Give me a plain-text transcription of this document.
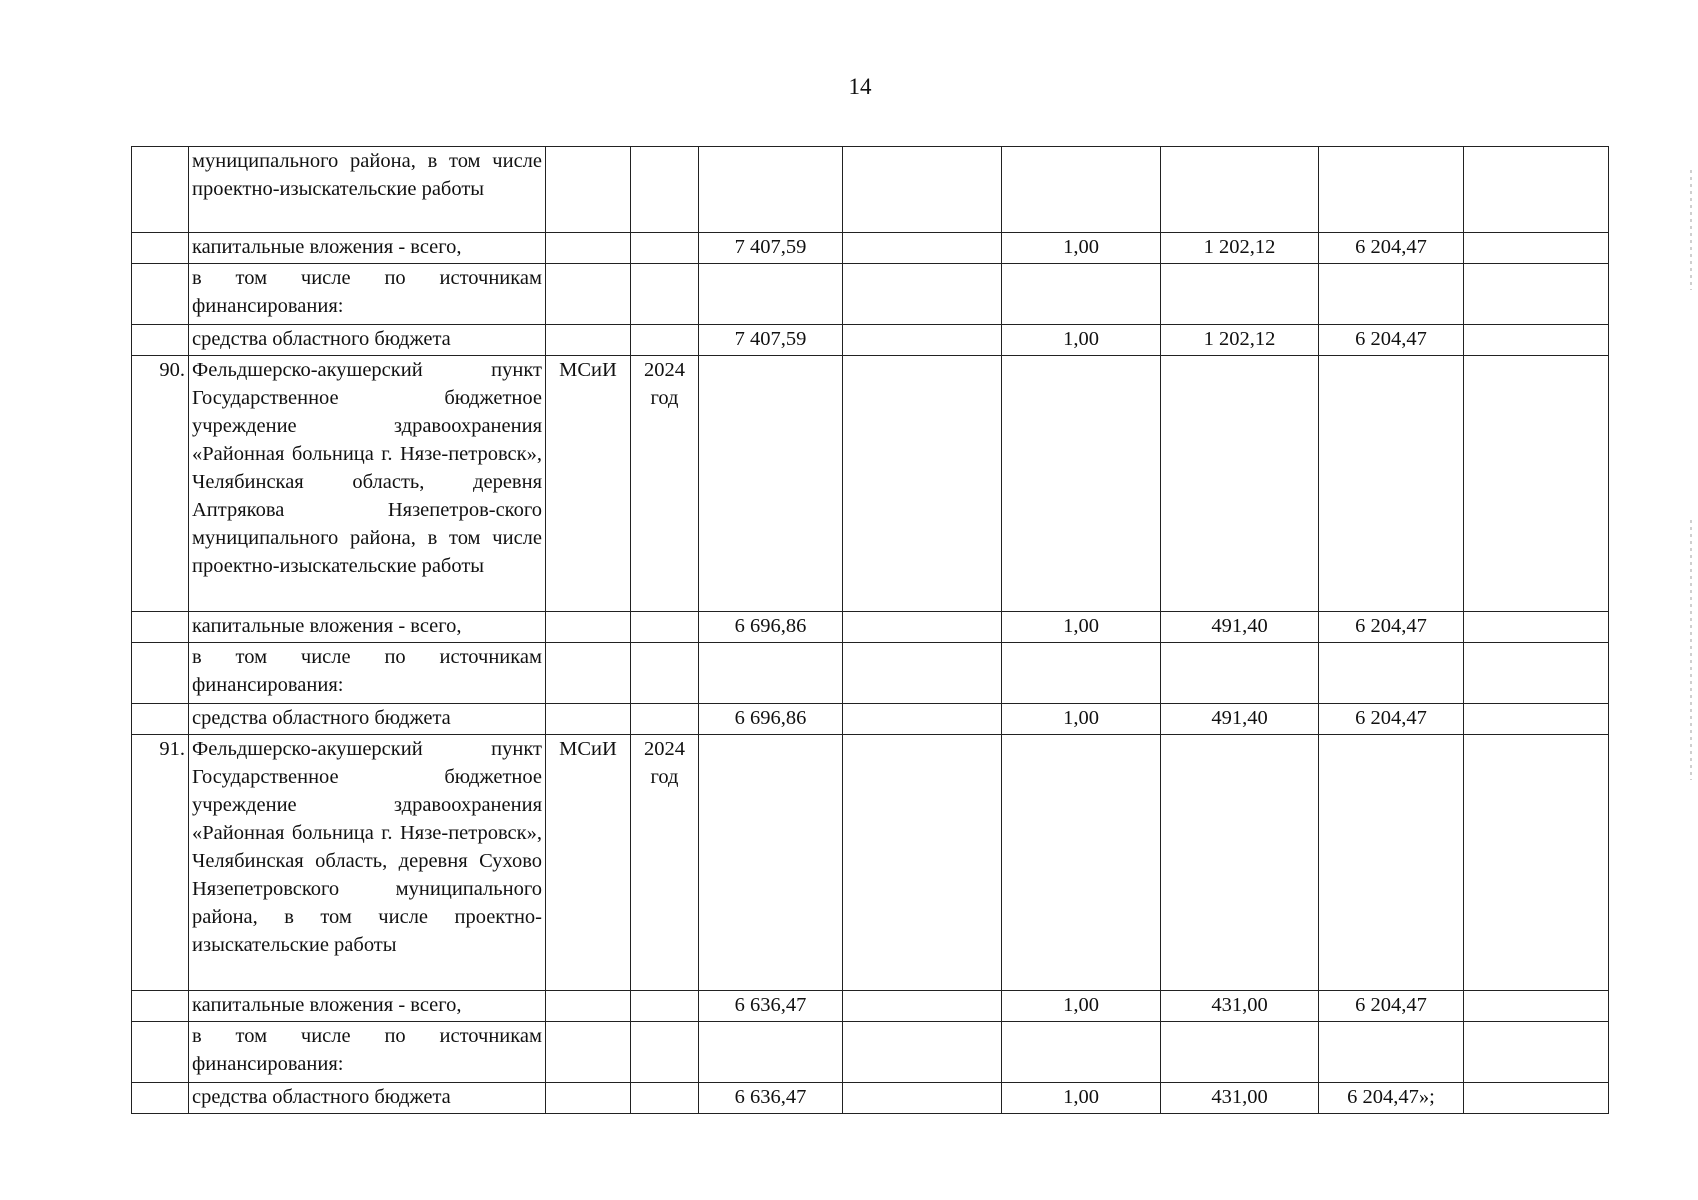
14
	муниципального района, в том числе проектно-изыскательские работы								
	капитальные вложения - всего,			7 407,59		1,00	1 202,12	6 204,47	
	в том числе по источникам финансирования:								
	средства областного бюджета			7 407,59		1,00	1 202,12	6 204,47	
90.	Фельдшерско-акушерский пункт Государственное бюджетное учреждение здравоохранения «Районная больница г. Нязе-петровск», Челябинская область, деревня Аптрякова Нязепетров-ского муниципального района, в том числе проектно-изыскательские работы	МСиИ	2024 год						
	капитальные вложения - всего,			6 696,86		1,00	491,40	6 204,47	
	в том числе по источникам финансирования:								
	средства областного бюджета			6 696,86		1,00	491,40	6 204,47	
91.	Фельдшерско-акушерский пункт Государственное бюджетное учреждение здравоохранения «Районная больница г. Нязе-петровск», Челябинская область, деревня Сухово Нязепетровского муниципального района, в том числе проектно-изыскательские работы	МСиИ	2024 год						
	капитальные вложения - всего,			6 636,47		1,00	431,00	6 204,47	
	в том числе по источникам финансирования:								
	средства областного бюджета			6 636,47		1,00	431,00	6 204,47»;	
